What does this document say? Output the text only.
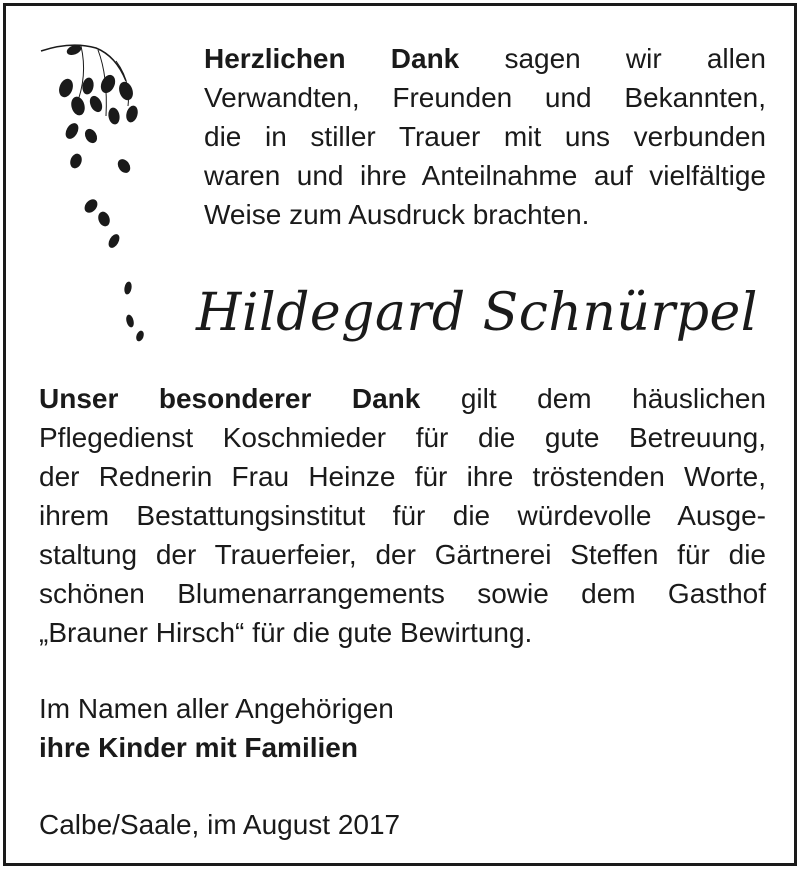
Herzlichen Dank sagen wir allen
Verwandten, Freunden und Bekannten,
die in stiller Trauer mit uns verbunden
waren und ihre Anteilnahme auf vielfältige
Weise zum Ausdruck brachten.
Hildegard Schnürpel
Unser besonderer Dank gilt dem häuslichen
Pflegedienst Koschmieder für die gute Betreuung,
der Rednerin Frau Heinze für ihre tröstenden Worte,
ihrem Bestattungsinstitut für die würdevolle Ausge-
staltung der Trauerfeier, der Gärtnerei Steffen für die
schönen Blumenarrangements sowie dem Gasthof
„Brauner Hirsch“ für die gute Bewirtung.
Im Namen aller Angehörigen
ihre Kinder mit Familien
Calbe/Saale, im August 2017
